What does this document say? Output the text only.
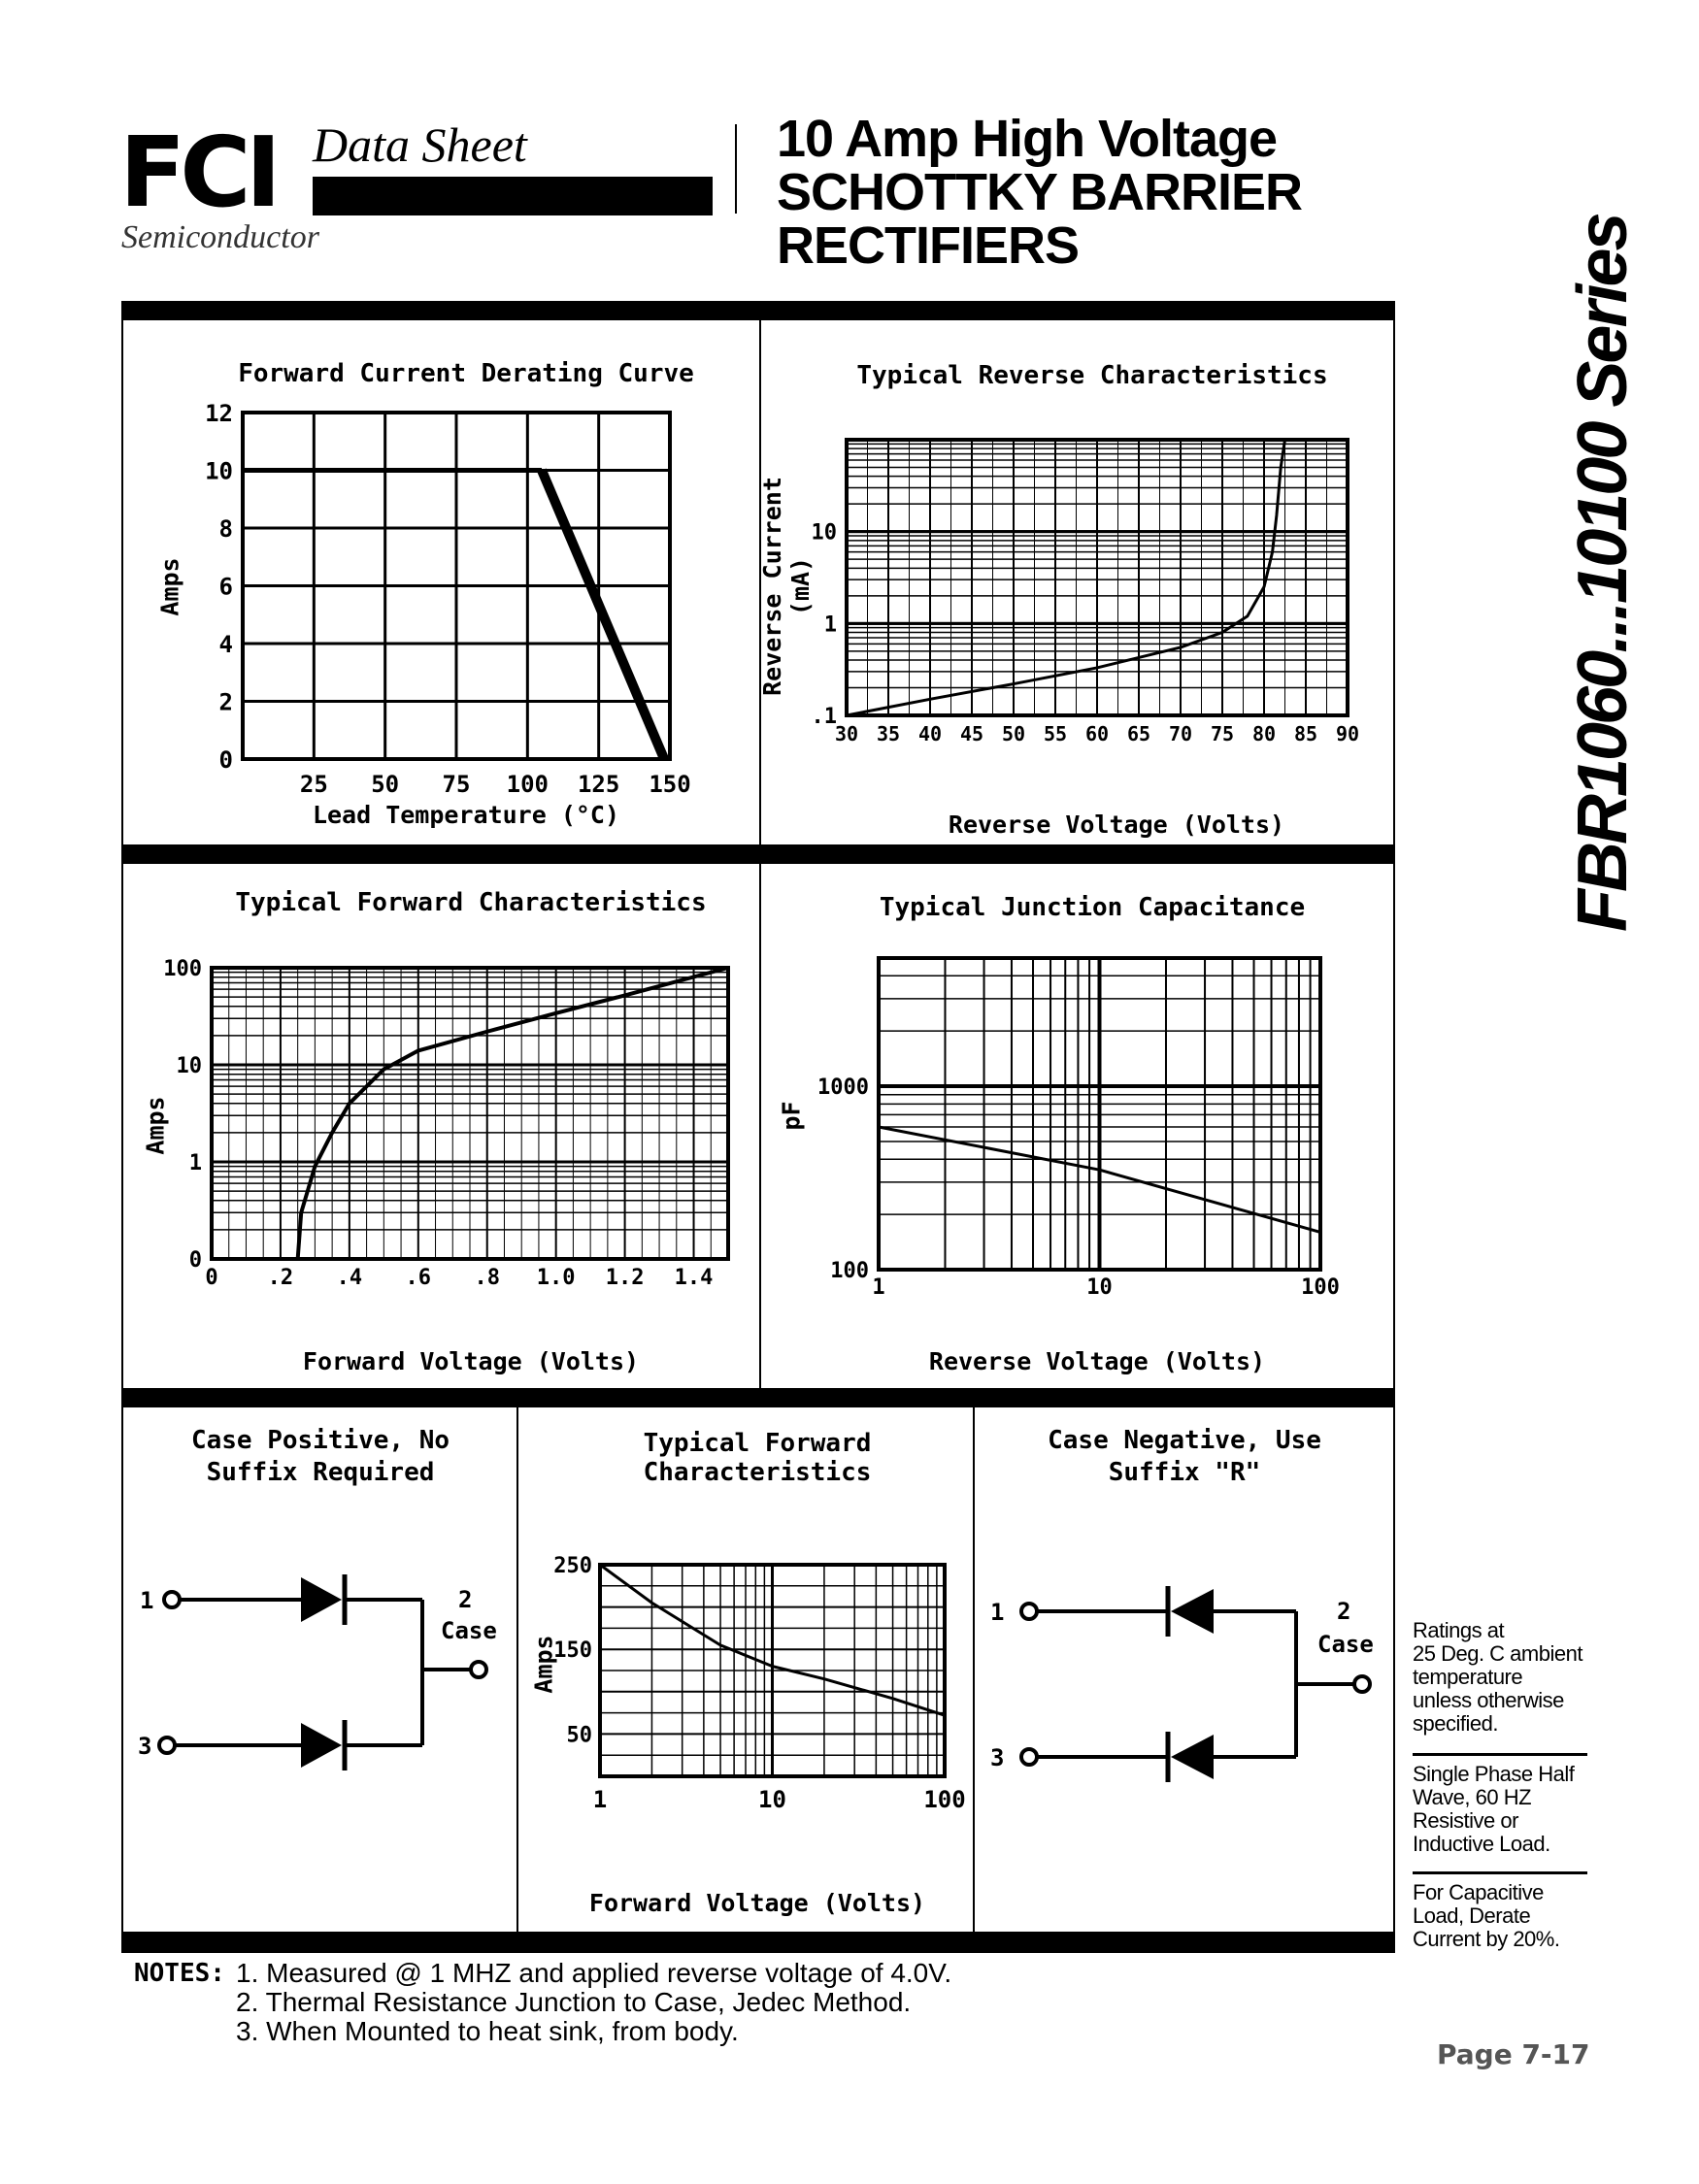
FCI
Semiconductor
Data Sheet	10 Amp High Voltage
SCHOTTKY BARRIER
RECTIFIERS	FBR1060...10100 Series
Forward Current Derating Curve	Typical Reverse Characteristics
Typical Forward Characteristics	Typical Junction Capacitance
Typical Forward Characteristics
Lead Temperature (°C)	Reverse Voltage (Volts)
Forward Voltage (Volts)	Reverse Voltage (Volts)
Forward Voltage (Volts)
Amps	Reverse Current (mA)
Amps	pF
Amps
0
2
4
6
8
10
12
25 50 75 100 125 150
30 35 40 45 50 55 60 65 70 75 80 85 90
.1
1
10
0 .2 .4 .6 .8 1.0 1.2 1.4
0
1
10
100
1	10	100
100
1000
1	10	100
50
150
250
Case Positive, No
Suffix Required
Case Negative, Use
Suffix "R"
1	2
Case
3
1	2
Case
3
Ratings at
25 Deg. C ambient
temperature
unless otherwise
specified.
Single Phase Half
Wave, 60 HZ
Resistive or
Inductive Load.
For Capacitive
Load, Derate
Current by 20%.
NOTES: 1. Measured @ 1 MHZ and applied reverse voltage of 4.0V.
2. Thermal Resistance Junction to Case, Jedec Method.
3. When Mounted to heat sink, from body.
Page 7-17
